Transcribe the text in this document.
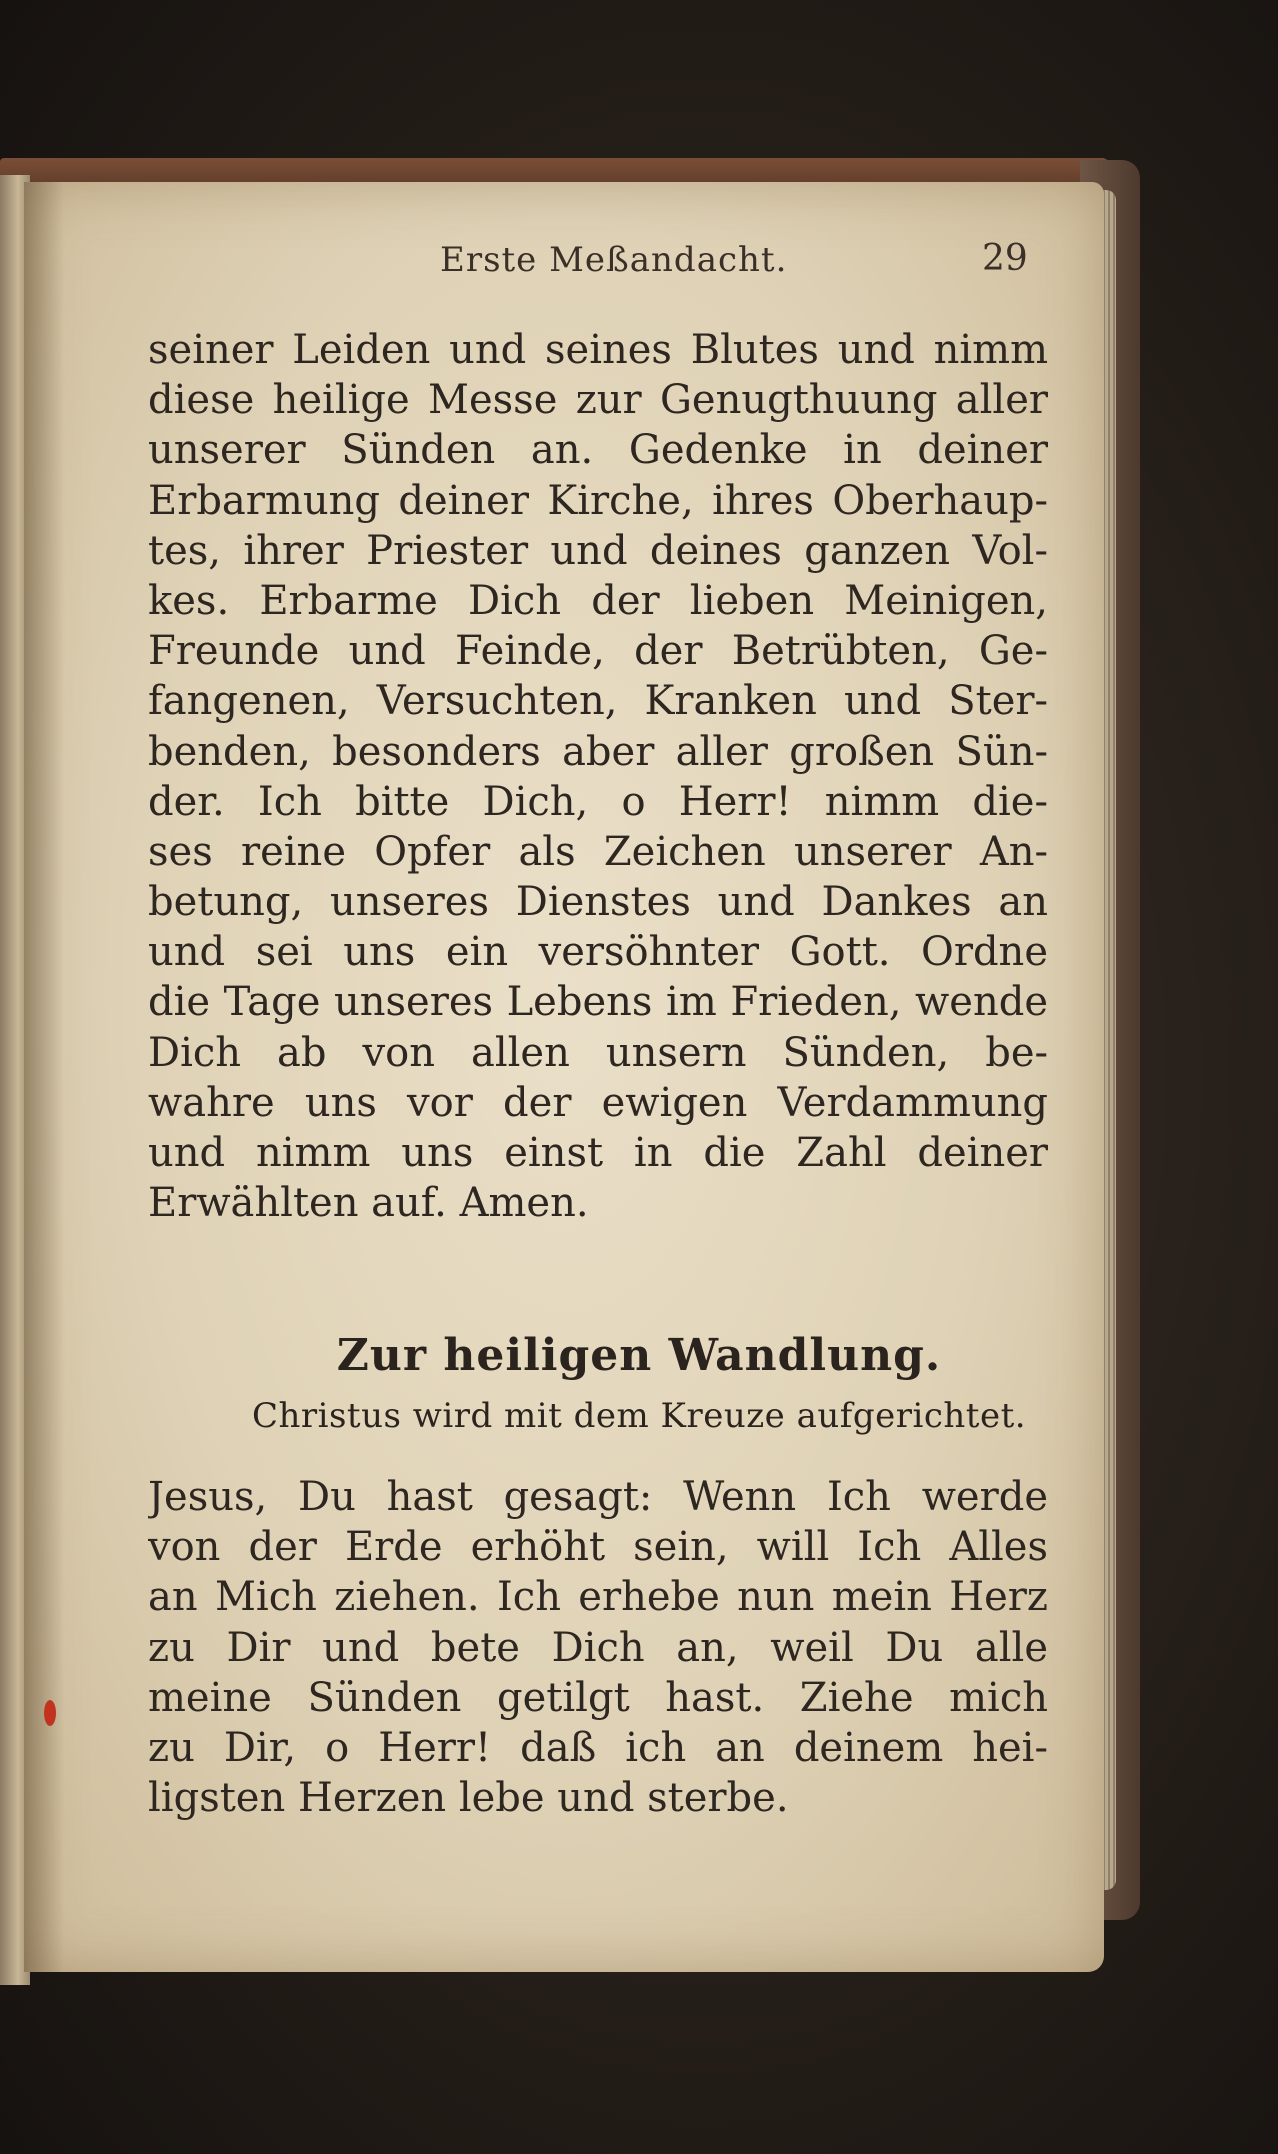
Erste Meßandacht.	29
seiner Leiden und seines Blutes und nimm
diese heilige Messe zur Genugthuung aller
unserer Sünden an. Gedenke in deiner
Erbarmung deiner Kirche, ihres Oberhaup-
tes, ihrer Priester und deines ganzen Vol-
kes. Erbarme Dich der lieben Meinigen,
Freunde und Feinde, der Betrübten, Ge-
fangenen, Versuchten, Kranken und Ster-
benden, besonders aber aller großen Sün-
der. Ich bitte Dich, o Herr! nimm die-
ses reine Opfer als Zeichen unserer An-
betung, unseres Dienstes und Dankes an
und sei uns ein versöhnter Gott. Ordne
die Tage unseres Lebens im Frieden, wende
Dich ab von allen unsern Sünden, be-
wahre uns vor der ewigen Verdammung
und nimm uns einst in die Zahl deiner
Erwählten auf. Amen.
Zur heiligen Wandlung.
Christus wird mit dem Kreuze aufgerichtet.
Jesus, Du hast gesagt: Wenn Ich werde
von der Erde erhöht sein, will Ich Alles
an Mich ziehen. Ich erhebe nun mein Herz
zu Dir und bete Dich an, weil Du alle
meine Sünden getilgt hast. Ziehe mich
zu Dir, o Herr! daß ich an deinem hei-
ligsten Herzen lebe und sterbe.
